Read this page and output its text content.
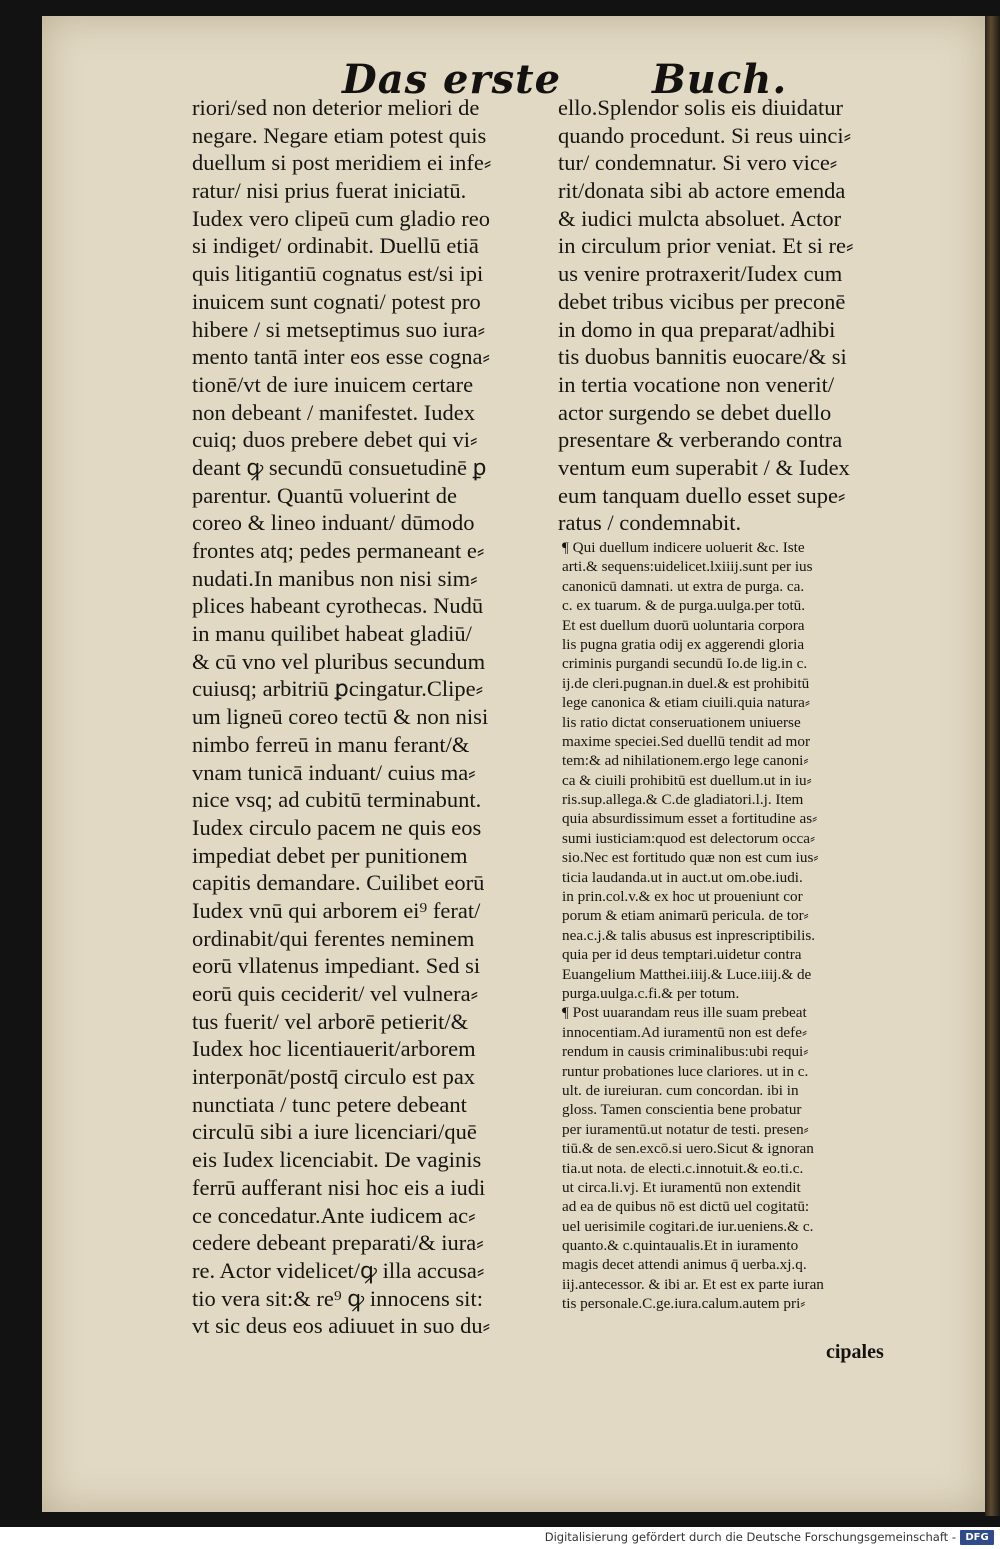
Das erste Buch.
riori/sed non deterior meliori de
negare. Negare etiam potest quis
duellum si post meridiem ei infe⸗
ratur/ nisi prius fuerat iniciatū.
Iudex vero clipeū cum gladio reo
si indiget/ ordinabit. Duellū etiā
quis litigantiū cognatus est/si ipi
inuicem sunt cognati/ potest pro
hibere / si metseptimus suo iura⸗
mento tantā inter eos esse cogna⸗
tionē/vt de iure inuicem certare
non debeant / manifestet. Iudex
cuiq; duos prebere debet qui vi⸗
deant ꝙ secundū consuetudinē ꝑ
parentur. Quantū voluerint de
coreo & lineo induant/ dūmodo
frontes atq; pedes permaneant e⸗
nudati.In manibus non nisi sim⸗
plices habeant cyrothecas. Nudū
in manu quilibet habeat gladiū/
& cū vno vel pluribus secundum
cuiusq; arbitriū ꝑcingatur.Clipe⸗
um ligneū coreo tectū & non nisi
nimbo ferreū in manu ferant/&
vnam tunicā induant/ cuius ma⸗
nice vsq; ad cubitū terminabunt.
Iudex circulo pacem ne quis eos
impediat debet per punitionem
capitis demandare. Cuilibet eorū
Iudex vnū qui arborem ei⁹ ferat/
ordinabit/qui ferentes neminem
eorū vllatenus impediant. Sed si
eorū quis ceciderit/ vel vulnera⸗
tus fuerit/ vel arborē petierit/&
Iudex hoc licentiauerit/arborem
interponāt/postq̄ circulo est pax
nunctiata / tunc petere debeant
circulū sibi a iure licenciari/quē
eis Iudex licenciabit. De vaginis
ferrū aufferant nisi hoc eis a iudi
ce concedatur.Ante iudicem ac⸗
cedere debeant preparati/& iura⸗
re. Actor videlicet/ꝙ illa accusa⸗
tio vera sit:& re⁹ ꝙ innocens sit:
vt sic deus eos adiuuet in suo du⸗
ello.Splendor solis eis diuidatur
quando procedunt. Si reus uinci⸗
tur/ condemnatur. Si vero vice⸗
rit/donata sibi ab actore emenda
& iudici mulcta absoluet. Actor
in circulum prior veniat. Et si re⸗
us venire protraxerit/Iudex cum
debet tribus vicibus per preconē
in domo in qua preparat/adhibi
tis duobus bannitis euocare/& si
in tertia vocatione non venerit/
actor surgendo se debet duello
presentare & verberando contra
ventum eum superabit / & Iudex
eum tanquam duello esset supe⸗
ratus / condemnabit.
¶ Qui duellum indicere uoluerit &c. Iste
arti.& sequens:uidelicet.lxiiij.sunt per ius
canonicū damnati. ut extra de purga. ca.
c. ex tuarum. & de purga.uulga.per totū.
Et est duellum duorū uoluntaria corpora
lis pugna gratia odij ex aggerendi gloria
criminis purgandi secundū Io.de lig.in c.
ij.de cleri.pugnan.in duel.& est prohibitū
lege canonica & etiam ciuili.quia natura⸗
lis ratio dictat conseruationem uniuerse
maxime speciei.Sed duellū tendit ad mor
tem:& ad nihilationem.ergo lege canoni⸗
ca & ciuili prohibitū est duellum.ut in iu⸗
ris.sup.allega.& C.de gladiatori.l.j. Item
quia absurdissimum esset a fortitudine as⸗
sumi iusticiam:quod est delectorum occa⸗
sio.Nec est fortitudo quæ non est cum ius⸗
ticia laudanda.ut in auct.ut om.obe.iudi.
in prin.col.v.& ex hoc ut proueniunt cor
porum & etiam animarū pericula. de tor⸗
nea.c.j.& talis abusus est inprescriptibilis.
quia per id deus temptari.uidetur contra
Euangelium Matthei.iiij.& Luce.iiij.& de
purga.uulga.c.fi.& per totum.
¶ Post uuarandam reus ille suam prebeat
innocentiam.Ad iuramentū non est defe⸗
rendum in causis criminalibus:ubi requi⸗
runtur probationes luce clariores. ut in c.
ult. de iureiuran. cum concordan. ibi in
gloss. Tamen conscientia bene probatur
per iuramentū.ut notatur de testi. presen⸗
tiū.& de sen.excō.si uero.Sicut & ignoran
tia.ut nota. de electi.c.innotuit.& eo.ti.c.
ut circa.li.vj. Et iuramentū non extendit
ad ea de quibus nō est dictū uel cogitatū:
uel uerisimile cogitari.de iur.ueniens.& c.
quanto.& c.quintaualis.Et in iuramento
magis decet attendi animus q̄ uerba.xj.q.
iij.antecessor. & ibi ar. Et est ex parte iuran
tis personale.C.ge.iura.calum.autem pri⸗
cipales
Digitalisierung gefördert durch die Deutsche Forschungsgemeinschaft - DFG
